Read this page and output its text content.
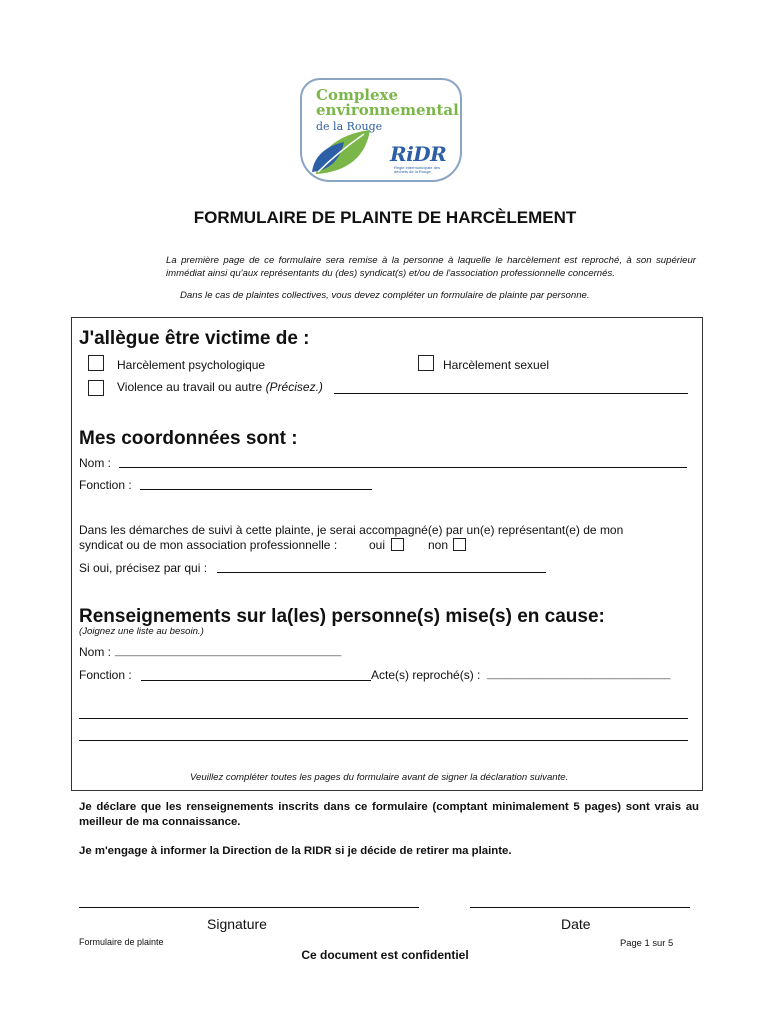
Complexe
environnemental
de la Rouge
RiDR
Régie intermunicipale des déchets de la Rouge
FORMULAIRE DE PLAINTE DE HARCÈLEMENT
La première page de ce formulaire sera remise à la personne à laquelle le harcèlement est reproché, à son supérieur immédiat ainsi qu'aux représentants du (des) syndicat(s) et/ou de l'association professionnelle concernés.
Dans le cas de plaintes collectives, vous devez compléter un formulaire de plainte par personne.
J'allègue être victime de :
Harcèlement psychologique	Harcèlement sexuel
Violence au travail ou autre (Précisez.)
Mes coordonnées sont :
Nom :
Fonction :
Dans les démarches de suivi à cette plainte, je serai accompagné(e) par un(e) représentant(e) de mon
syndicat ou de mon association professionnelle :	oui	non
Si oui, précisez par qui :
Renseignements sur la(les) personne(s) mise(s) en cause:
(Joignez une liste au besoin.)
Nom : _____________________________________
Fonction :	Acte(s) reproché(s) : ______________________________
Veuillez compléter toutes les pages du formulaire avant de signer la déclaration suivante.
Je déclare que les renseignements inscrits dans ce formulaire (comptant minimalement 5 pages) sont vrais au meilleur de ma connaissance.
Je m'engage à informer la Direction de la RIDR si je décide de retirer ma plainte.
Signature	Date
Formulaire de plainte	Page 1 sur 5
Ce document est confidentiel
